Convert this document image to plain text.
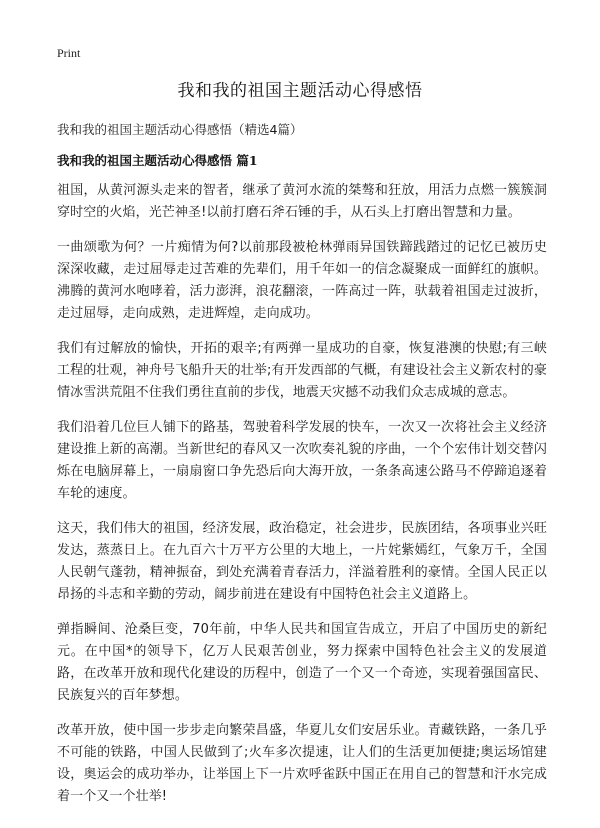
Print
我和我的祖国主题活动心得感悟

我和我的祖国主题活动心得感悟（精选4篇）

我和我的祖国主题活动心得感悟 篇1

祖国，从黄河源头走来的智者，继承了黄河水流的桀骜和狂放，用活力点燃一簇簇洞穿时空的火焰，光芒神圣!以前打磨石斧石锤的手，从石头上打磨出智慧和力量。

一曲颂歌为何？一片痴情为何?以前那段被枪林弹雨异国铁蹄践踏过的记忆已被历史深深收藏，走过屈辱走过苦难的先辈们，用千年如一的信念凝聚成一面鲜红的旗帜。沸腾的黄河水咆哮着，活力澎湃，浪花翻滚，一阵高过一阵，驮载着祖国走过波折，走过屈辱，走向成熟，走进辉煌，走向成功。

我们有过解放的愉快，开拓的艰辛;有两弹一星成功的自豪，恢复港澳的快慰;有三峡工程的壮观，神舟号飞船升天的壮举;有开发西部的气概，有建设社会主义新农村的豪情冰雪洪荒阻不住我们勇往直前的步伐，地震天灾撼不动我们众志成城的意志。

我们沿着几位巨人铺下的路基，驾驶着科学发展的快车，一次又一次将社会主义经济建设推上新的高潮。当新世纪的春风又一次吹奏礼貌的序曲，一个个宏伟计划交替闪烁在电脑屏幕上，一扇扇窗口争先恐后向大海开放，一条条高速公路马不停蹄追逐着车轮的速度。

这天，我们伟大的祖国，经济发展，政治稳定，社会进步，民族团结，各项事业兴旺发达，蒸蒸日上。在九百六十万平方公里的大地上，一片姹紫嫣红，气象万千，全国人民朝气蓬勃，精神振奋，到处充满着青春活力，洋溢着胜利的豪情。全国人民正以昂扬的斗志和辛勤的劳动，阔步前进在建设有中国特色社会主义道路上。

弹指瞬间、沧桑巨变，70年前，中华人民共和国宣告成立，开启了中国历史的新纪元。在中国*的领导下，亿万人民艰苦创业，努力探索中国特色社会主义的发展道路，在改革开放和现代化建设的历程中，创造了一个又一个奇迹，实现着强国富民、民族复兴的百年梦想。

改革开放，使中国一步步走向繁荣昌盛，华夏儿女们安居乐业。青藏铁路，一条几乎不可能的铁路，中国人民做到了;火车多次提速，让人们的生活更加便捷;奥运场馆建设，奥运会的成功举办，让举国上下一片欢呼雀跃中国正在用自己的智慧和汗水完成着一个又一个壮举!
